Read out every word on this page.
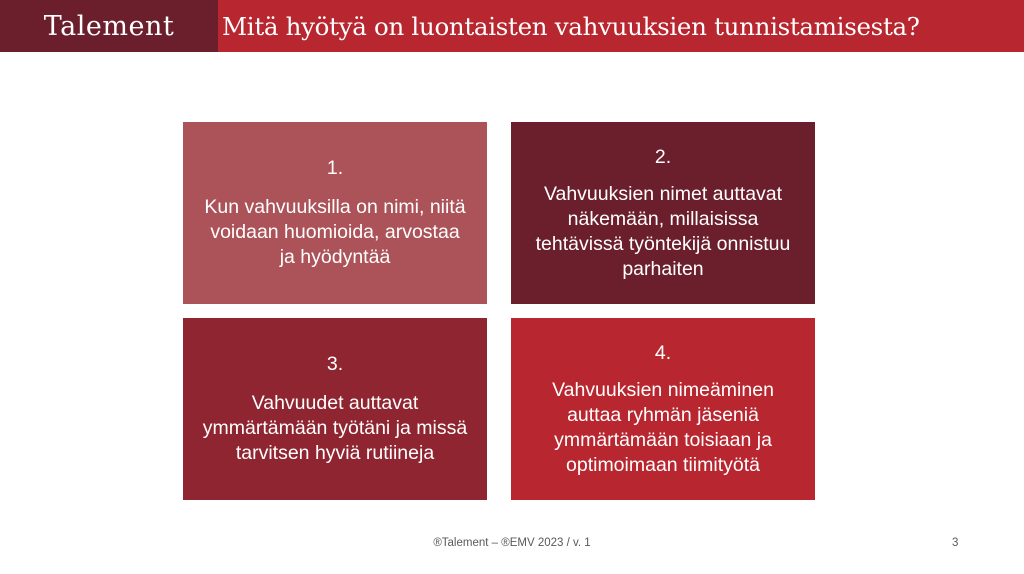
Talement Mitä hyötyä on luontaisten vahvuuksien tunnistamisesta?
1.
Kun vahvuuksilla on nimi, niitä voidaan huomioida, arvostaa ja hyödyntää
2.
Vahvuuksien nimet auttavat näkemään, millaisissa tehtävissä työntekijä onnistuu parhaiten
3.
Vahvuudet auttavat ymmärtämään työtäni ja missä tarvitsen hyviä rutiineja
4.
Vahvuuksien nimeäminen auttaa ryhmän jäseniä ymmärtämään toisiaan ja optimoimaan tiimityötä
®Talement – ®EMV 2023 / v. 1	3
